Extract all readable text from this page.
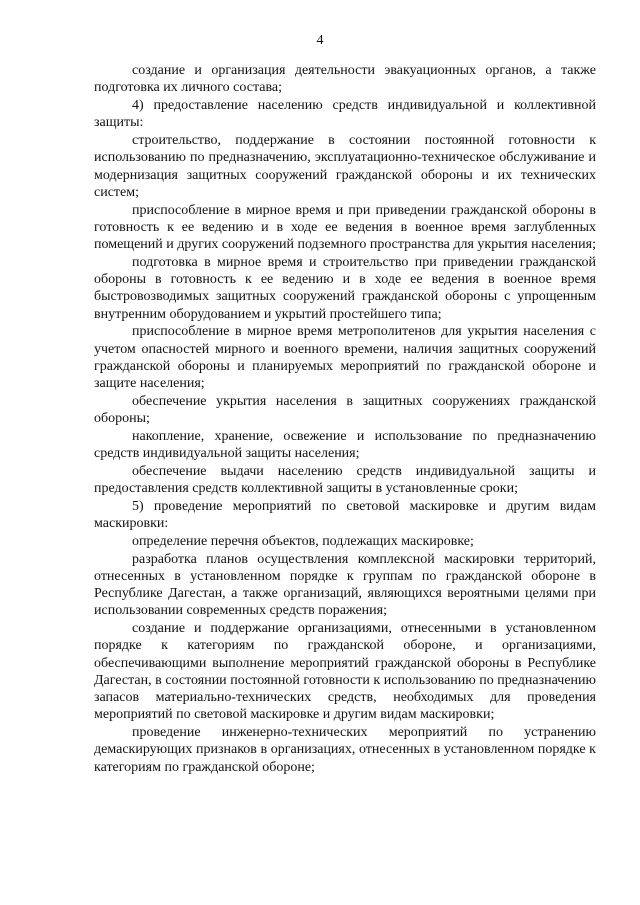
4

создание и организация деятельности эвакуационных органов, а также подготовка их личного состава;

4) предоставление населению средств индивидуальной и коллективной защиты:

строительство, поддержание в состоянии постоянной готовности к использованию по предназначению, эксплуатационно-техническое обслуживание и модернизация защитных сооружений гражданской обороны и их технических систем;

приспособление в мирное время и при приведении гражданской обороны в готовность к ее ведению и в ходе ее ведения в военное время заглубленных помещений и других сооружений подземного пространства для укрытия населения;

подготовка в мирное время и строительство при приведении гражданской обороны в готовность к ее ведению и в ходе ее ведения в военное время быстровозводимых защитных сооружений гражданской обороны с упрощенным внутренним оборудованием и укрытий простейшего типа;

приспособление в мирное время метрополитенов для укрытия населения с учетом опасностей мирного и военного времени, наличия защитных сооружений гражданской обороны и планируемых мероприятий по гражданской обороне и защите населения;

обеспечение укрытия населения в защитных сооружениях гражданской обороны;

накопление, хранение, освежение и использование по предназначению средств индивидуальной защиты населения;

обеспечение выдачи населению средств индивидуальной защиты и предоставления средств коллективной защиты в установленные сроки;

5) проведение мероприятий по световой маскировке и другим видам маскировки:

определение перечня объектов, подлежащих маскировке;

разработка планов осуществления комплексной маскировки территорий, отнесенных в установленном порядке к группам по гражданской обороне в Республике Дагестан, а также организаций, являющихся вероятными целями при использовании современных средств поражения;

создание и поддержание организациями, отнесенными в установленном порядке к категориям по гражданской обороне, и организациями, обеспечивающими выполнение мероприятий гражданской обороны в Республике Дагестан, в состоянии постоянной готовности к использованию по предназначению запасов материально-технических средств, необходимых для проведения мероприятий по световой маскировке и другим видам маскировки;

проведение инженерно-технических мероприятий по устранению демаскирующих признаков в организациях, отнесенных в установленном порядке к категориям по гражданской обороне;
